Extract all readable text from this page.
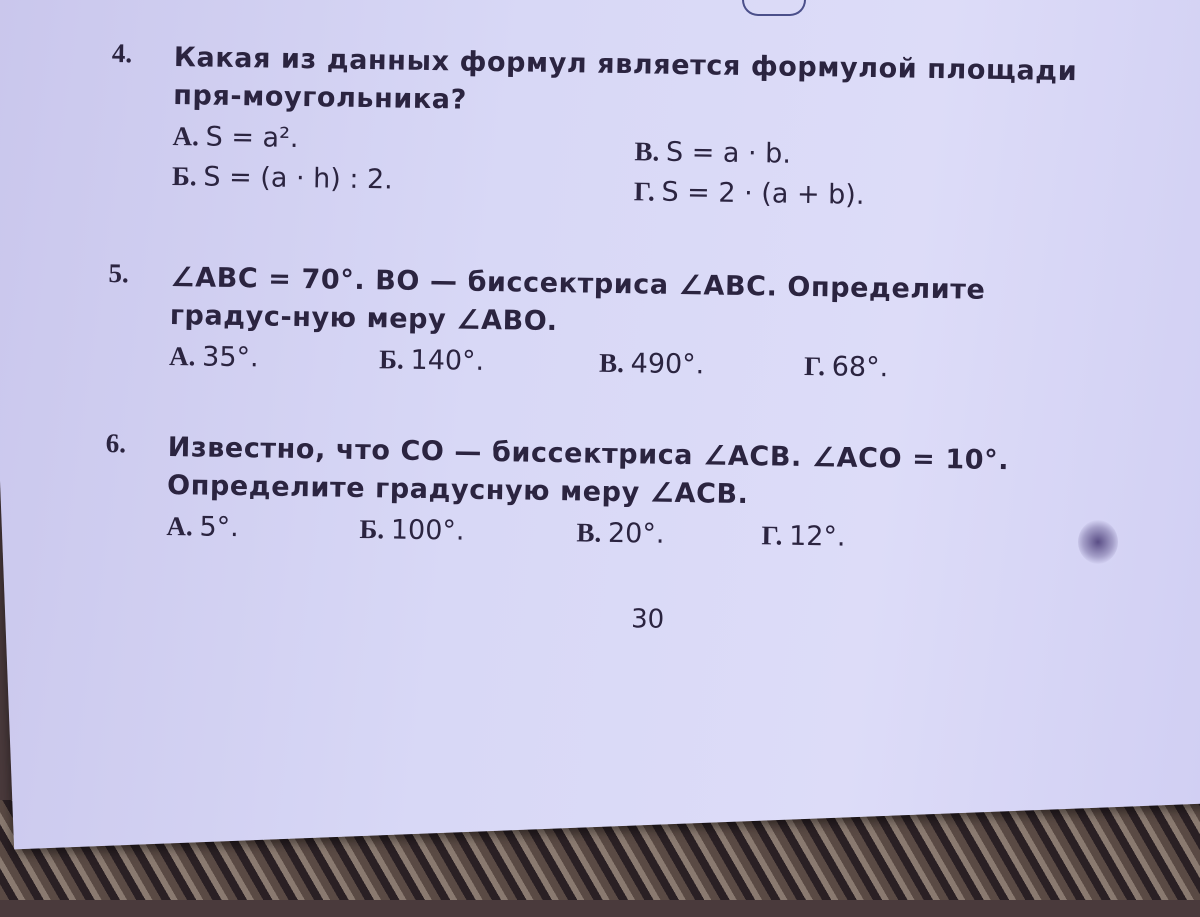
4. Какая из данных формул является формулой площади пря-моугольника?
А. S = a².	В. S = a · b.
Б. S = (a · h) : 2.	Г. S = 2 · (a + b).
5. ∠ABC = 70°. BO — биссектриса ∠ABC. Определите градус-ную меру ∠ABO.
А. 35°.	Б. 140°.	В. 490°.	Г. 68°.
6. Известно, что CO — биссектриса ∠ACB. ∠ACO = 10°. Определите градусную меру ∠ACB.
А. 5°.	Б. 100°.	В. 20°.	Г. 12°.
30
